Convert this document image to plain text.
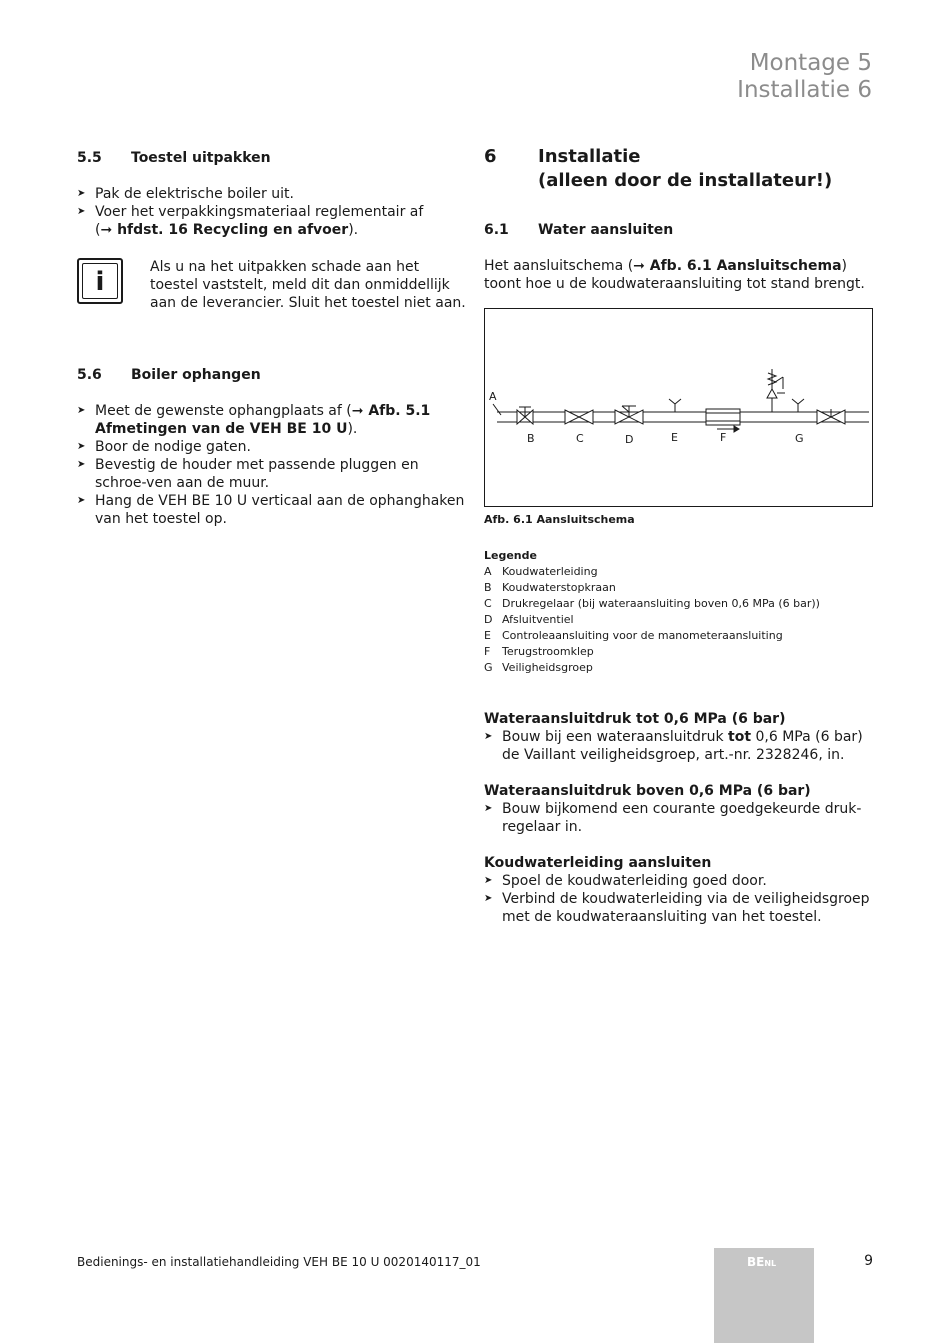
Montage 5
Installatie 6
5.5 Toestel uitpakken
➤ Pak de elektrische boiler uit.
➤ Voer het verpakkingsmateriaal reglementair af
(➞ hfdst. 16 Recycling en afvoer).
i	Als u na het uitpakken schade aan het toestel vaststelt, meld dit dan onmiddellijk aan de leverancier. Sluit het toestel niet aan.
5.6 Boiler ophangen
➤ Meet de gewenste ophangplaats af (➞ Afb. 5.1 Afmetingen van de VEH BE 10 U).
➤ Boor de nodige gaten.
➤ Bevestig de houder met passende pluggen en schroe-ven aan de muur.
➤ Hang de VEH BE 10 U verticaal aan de ophanghaken van het toestel op.
6 Installatie
(alleen door de installateur!)
6.1 Water aansluiten
Het aansluitschema (➞ Afb. 6.1 Aansluitschema) toont hoe u de koudwateraansluiting tot stand brengt.
A
B	C	D	E	F	G
Afb. 6.1 Aansluitschema
Legende
A Koudwaterleiding
B Koudwaterstopkraan
C Drukregelaar (bij wateraansluiting boven 0,6 MPa (6 bar))
D Afsluitventiel
E Controleaansluiting voor de manometeraansluiting
F Terugstroomklep
G Veiligheidsgroep
Wateraansluitdruk tot 0,6 MPa (6 bar)
➤ Bouw bij een wateraansluitdruk tot 0,6 MPa (6 bar) de Vaillant veiligheidsgroep, art.-nr. 2328246, in.
Wateraansluitdruk boven 0,6 MPa (6 bar)
➤ Bouw bijkomend een courante goedgekeurde druk-regelaar in.
Koudwaterleiding aansluiten
➤ Spoel de koudwaterleiding goed door.
➤ Verbind de koudwaterleiding via de veiligheidsgroep met de koudwateraansluiting van het toestel.
Bedienings- en installatiehandleiding VEH BE 10 U 0020140117_01	BENL	9
